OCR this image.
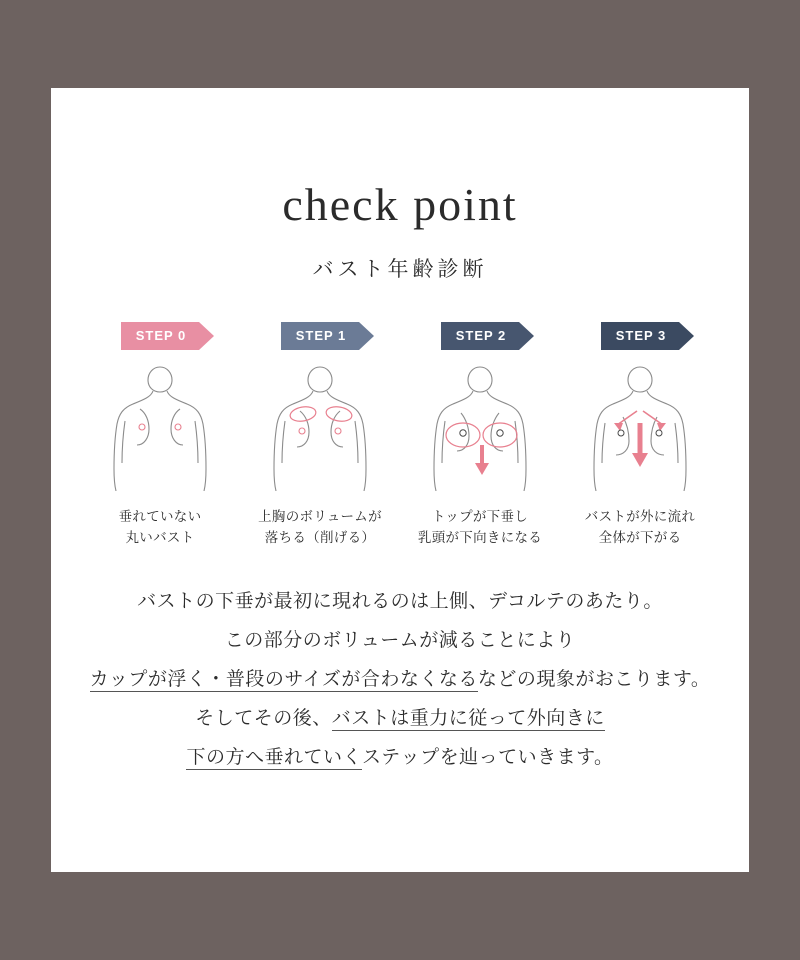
check point
バスト年齢診断
STEP 0
垂れていない
丸いバスト
STEP 1
上胸のボリュームが
落ちる（削げる）
STEP 2
トップが下垂し
乳頭が下向きになる
STEP 3
バストが外に流れ
全体が下がる
バストの下垂が最初に現れるのは上側、デコルテのあたり。
この部分のボリュームが減ることにより
カップが浮く・普段のサイズが合わなくなるなどの現象がおこります。
そしてその後、バストは重力に従って外向きに
下の方へ垂れていくステップを辿っていきます。
